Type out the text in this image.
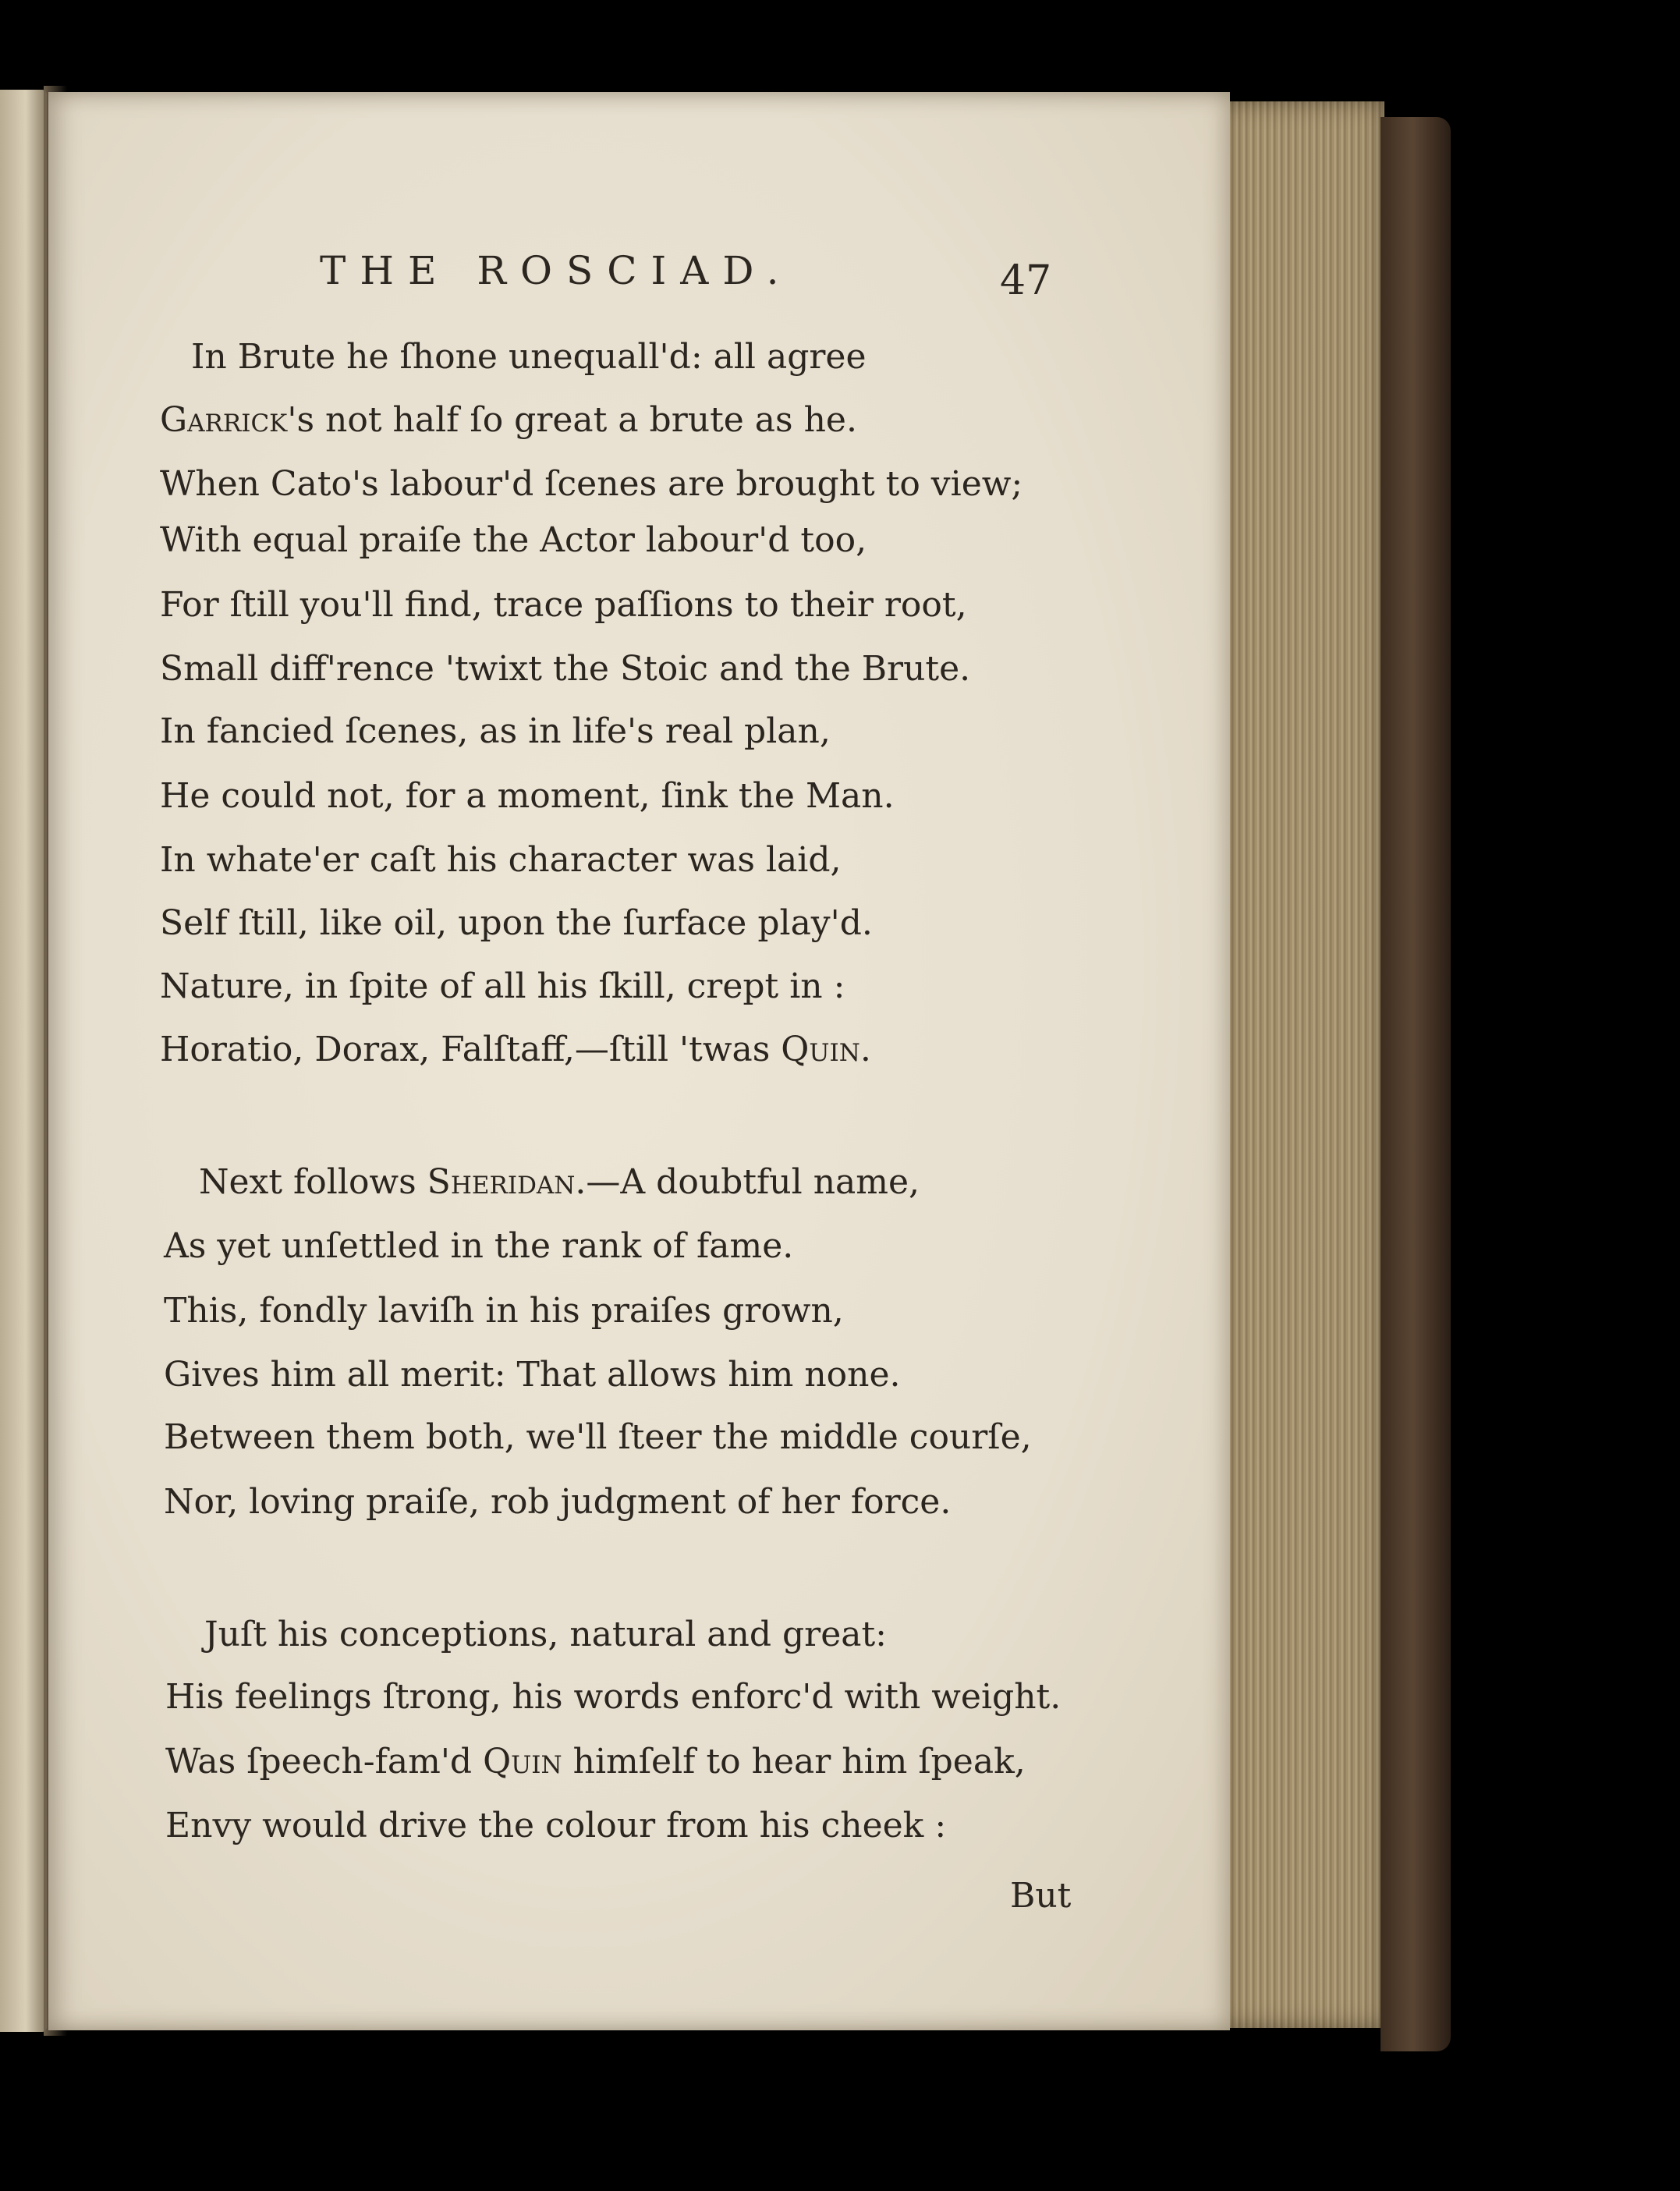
THE ROSCIAD.	47
In Brute he ſhone unequall'd: all agree
Garrick's not half ſo great a brute as he.
When Cato's labour'd ſcenes are brought to view;
With equal praiſe the Actor labour'd too,
For ſtill you'll find, trace paſſions to their root,
Small diff'rence 'twixt the Stoic and the Brute.
In fancied ſcenes, as in life's real plan,
He could not, for a moment, ſink the Man.
In whate'er caſt his character was laid,
Self ſtill, like oil, upon the ſurface play'd.
Nature, in ſpite of all his ſkill, crept in :
Horatio, Dorax, Falſtaff,—ſtill 'twas Quin.
Next follows Sheridan.—A doubtful name,
As yet unſettled in the rank of fame.
This, fondly laviſh in his praiſes grown,
Gives him all merit: That allows him none.
Between them both, we'll ſteer the middle courſe,
Nor, loving praiſe, rob judgment of her force.
Juſt his conceptions, natural and great:
His feelings ſtrong, his words enforc'd with weight.
Was ſpeech-fam'd Quin himſelf to hear him ſpeak,
Envy would drive the colour from his cheek :
But
